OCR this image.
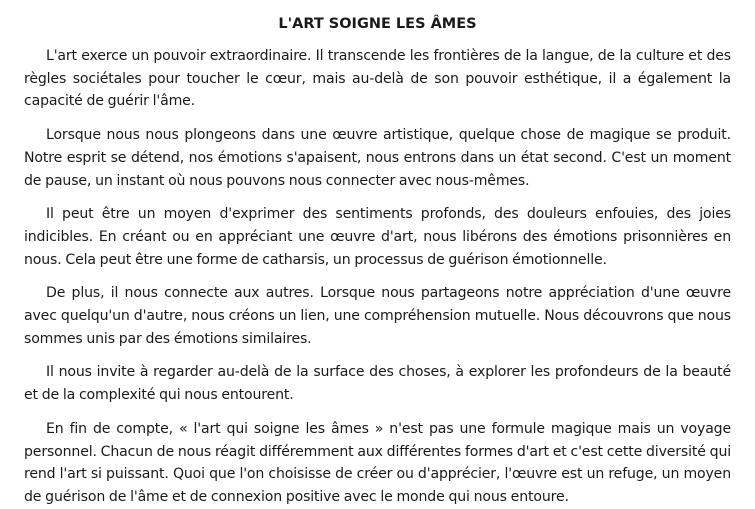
L'ART SOIGNE LES ÂMES

L'art exerce un pouvoir extraordinaire. Il transcende les frontières de la langue, de la culture et des règles sociétales pour toucher le cœur, mais au-delà de son pouvoir esthétique, il a également la capacité de guérir l'âme.

Lorsque nous nous plongeons dans une œuvre artistique, quelque chose de magique se produit. Notre esprit se détend, nos émotions s'apaisent, nous entrons dans un état second. C'est un moment de pause, un instant où nous pouvons nous connecter avec nous-mêmes.

Il peut être un moyen d'exprimer des sentiments profonds, des douleurs enfouies, des joies indicibles. En créant ou en appréciant une œuvre d'art, nous libérons des émotions prisonnières en nous. Cela peut être une forme de catharsis, un processus de guérison émotionnelle.

De plus, il nous connecte aux autres. Lorsque nous partageons notre appréciation d'une œuvre avec quelqu'un d'autre, nous créons un lien, une compréhension mutuelle. Nous découvrons que nous sommes unis par des émotions similaires.

Il nous invite à regarder au-delà de la surface des choses, à explorer les profondeurs de la beauté et de la complexité qui nous entourent.

En fin de compte, « l'art qui soigne les âmes » n'est pas une formule magique mais un voyage personnel. Chacun de nous réagit différemment aux différentes formes d'art et c'est cette diversité qui rend l'art si puissant. Quoi que l'on choisisse de créer ou d'apprécier, l'œuvre est un refuge, un moyen de guérison de l'âme et de connexion positive avec le monde qui nous entoure.
